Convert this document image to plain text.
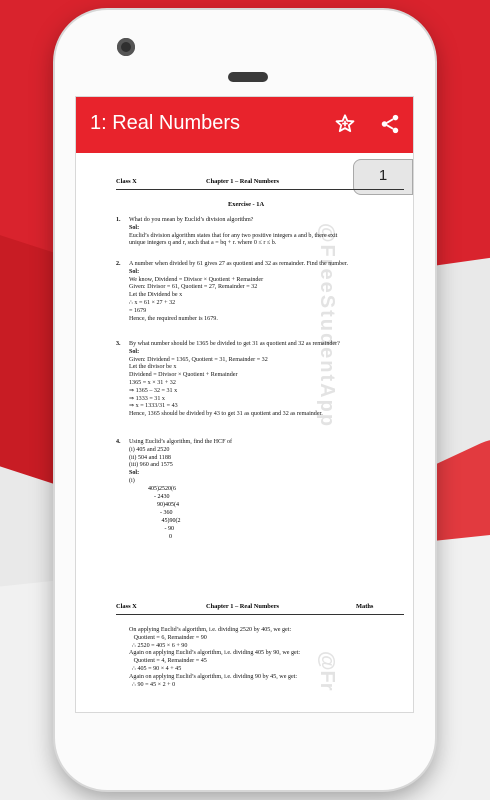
1: Real Numbers
@FreeStudentApp
1
Class X	Chapter 1 – Real Numbers
Exercise - 1A
1. What do you mean by Euclid’s division algorithm?
Sol:
Euclid’s division algorithm states that for any two positive integers a and b, there exit
unique integers q and r, such that a = bq + r. where 0 ≤ r ≤ b.
2. A number when divided by 61 gives 27 as quotient and 32 as remainder. Find the number.
Sol:
We know, Dividend = Divisor × Quotient + Remainder
Given: Divisor = 61, Quotient = 27, Remainder = 32
Let the Dividend be x
∴ x = 61 × 27 + 32
= 1679
Hence, the required number is 1679.
3. By what number should be 1365 be divided to get 31 as quotient and 32 as remainder?
Sol:
Given: Dividend = 1365, Quotient = 31, Remainder = 32
Let the divisor be x
Dividend = Divisor × Quotient + Remainder
1365 = x × 31 + 32
⇒ 1365 – 32 = 31 x
⇒ 1333 = 31 x
⇒ x = 1333/31 = 43
Hence, 1365 should be divided by 43 to get 31 as quotient and 32 as remainder.
4. Using Euclid’s algorithm, find the HCF of
(i) 405 and 2520
(ii) 504 and 1188
(iii) 960 and 1575
Sol:
(i)
405)2520(6
- 2430
90)405(4
- 360
45)90(2
- 90
0
@Fr
Class X	Chapter 1 – Real Numbers	Maths
On applying Euclid’s algorithm, i.e. dividing 2520 by 405, we get:
Quotient = 6, Remainder = 90
∴ 2520 = 405 × 6 + 90
Again on applying Euclid’s algorithm, i.e. dividing 405 by 90, we get:
Quotient = 4, Remainder = 45
∴ 405 = 90 × 4 + 45
Again on applying Euclid’s algorithm, i.e. dividing 90 by 45, we get:
∴ 90 = 45 × 2 + 0
